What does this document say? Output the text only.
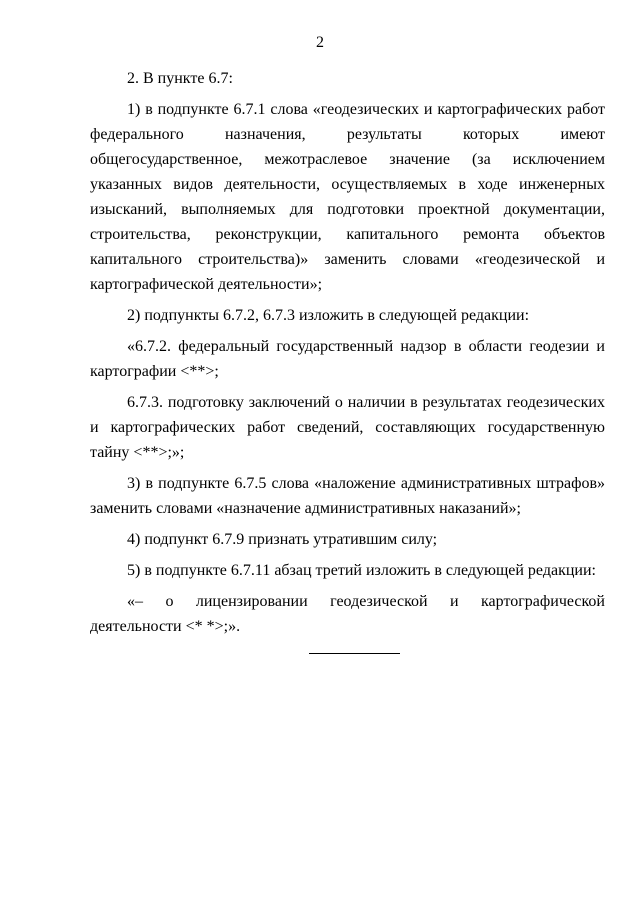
2

2. В пункте 6.7:

1) в подпункте 6.7.1 слова «геодезических и картографических работ федерального назначения, результаты которых имеют общегосударственное, межотраслевое значение (за исключением указанных видов деятельности, осуществляемых в ходе инженерных изысканий, выполняемых для подготовки проектной документации, строительства, реконструкции, капитального ремонта объектов капитального строительства)» заменить словами «геодезической и картографической деятельности»;

2) подпункты 6.7.2, 6.7.3 изложить в следующей редакции:

«6.7.2. федеральный государственный надзор в области геодезии и картографии <**>;

6.7.3. подготовку заключений о наличии в результатах геодезических и картографических работ сведений, составляющих государственную тайну <**>;»;

3) в подпункте 6.7.5 слова «наложение административных штрафов» заменить словами «назначение административных наказаний»;

4) подпункт 6.7.9 признать утратившим силу;

5) в подпункте 6.7.11 абзац третий изложить в следующей редакции:

«– о лицензировании геодезической и картографической

деятельности <* *>;».
